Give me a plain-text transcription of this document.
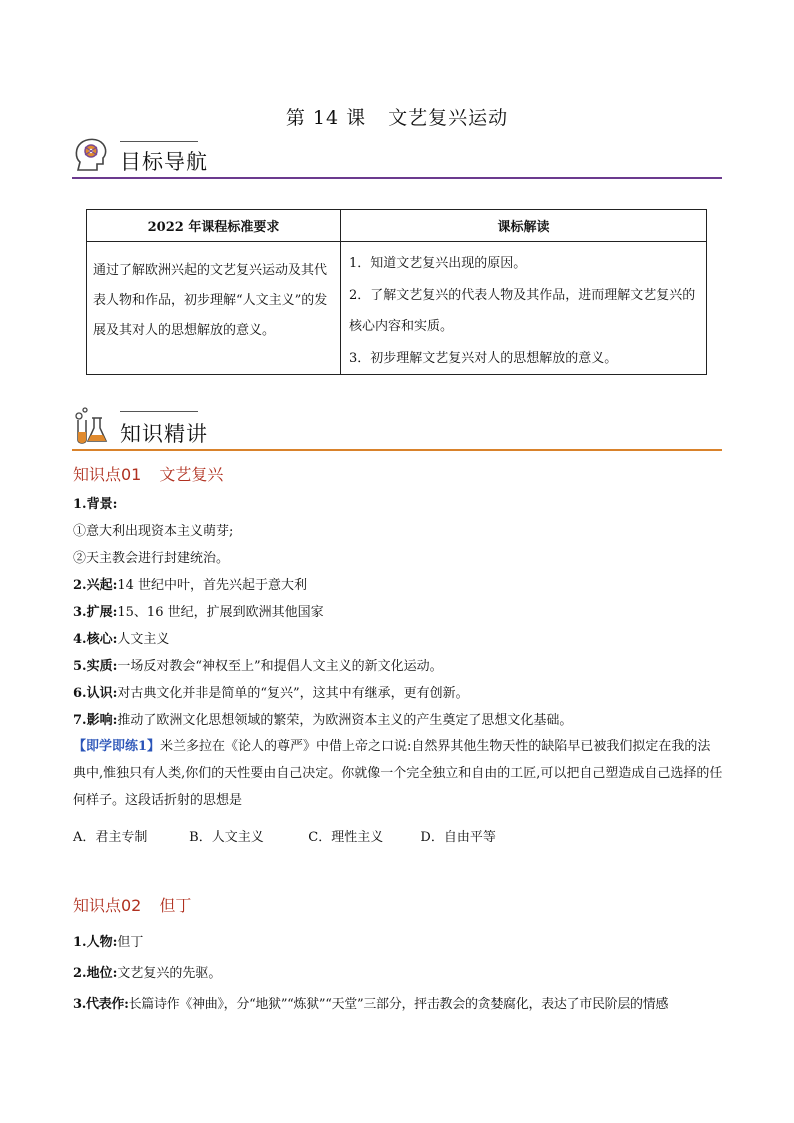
第 14 课 文艺复兴运动
目标导航
2022 年课程标准要求	课标解读
通过了解欧洲兴起的文艺复兴运动及其代表人物和作品，初步理解“人文主义”的发展及其对人的思想解放的意义。	1．知道文艺复兴出现的原因。
2．了解文艺复兴的代表人物及其作品，进而理解文艺复兴的核心内容和实质。
3．初步理解文艺复兴对人的思想解放的意义。
知识精讲
知识点01 文艺复兴
1.背景:
①意大利出现资本主义萌芽;
②天主教会进行封建统治。
2.兴起:14 世纪中叶，首先兴起于意大利
3.扩展:15、16 世纪，扩展到欧洲其他国家
4.核心:人文主义
5.实质:一场反对教会“神权至上”和提倡人文主义的新文化运动。
6.认识:对古典文化并非是简单的“复兴”，这其中有继承，更有创新。
7.影响:推动了欧洲文化思想领域的繁荣，为欧洲资本主义的产生奠定了思想文化基础。
【即学即练1】米兰多拉在《论人的尊严》中借上帝之口说:自然界其他生物天性的缺陷早已被我们拟定在我的法典中,惟独只有人类,你们的天性要由自己决定。你就像一个完全独立和自由的工匠,可以把自己塑造成自己选择的任何样子。这段话折射的思想是
A．君主专制	B．人文主义	C．理性主义	D．自由平等
知识点02 但丁
1.人物:但丁
2.地位:文艺复兴的先驱。
3.代表作:长篇诗作《神曲》，分“地狱”“炼狱”“天堂”三部分，抨击教会的贪婪腐化，表达了市民阶层的情感
